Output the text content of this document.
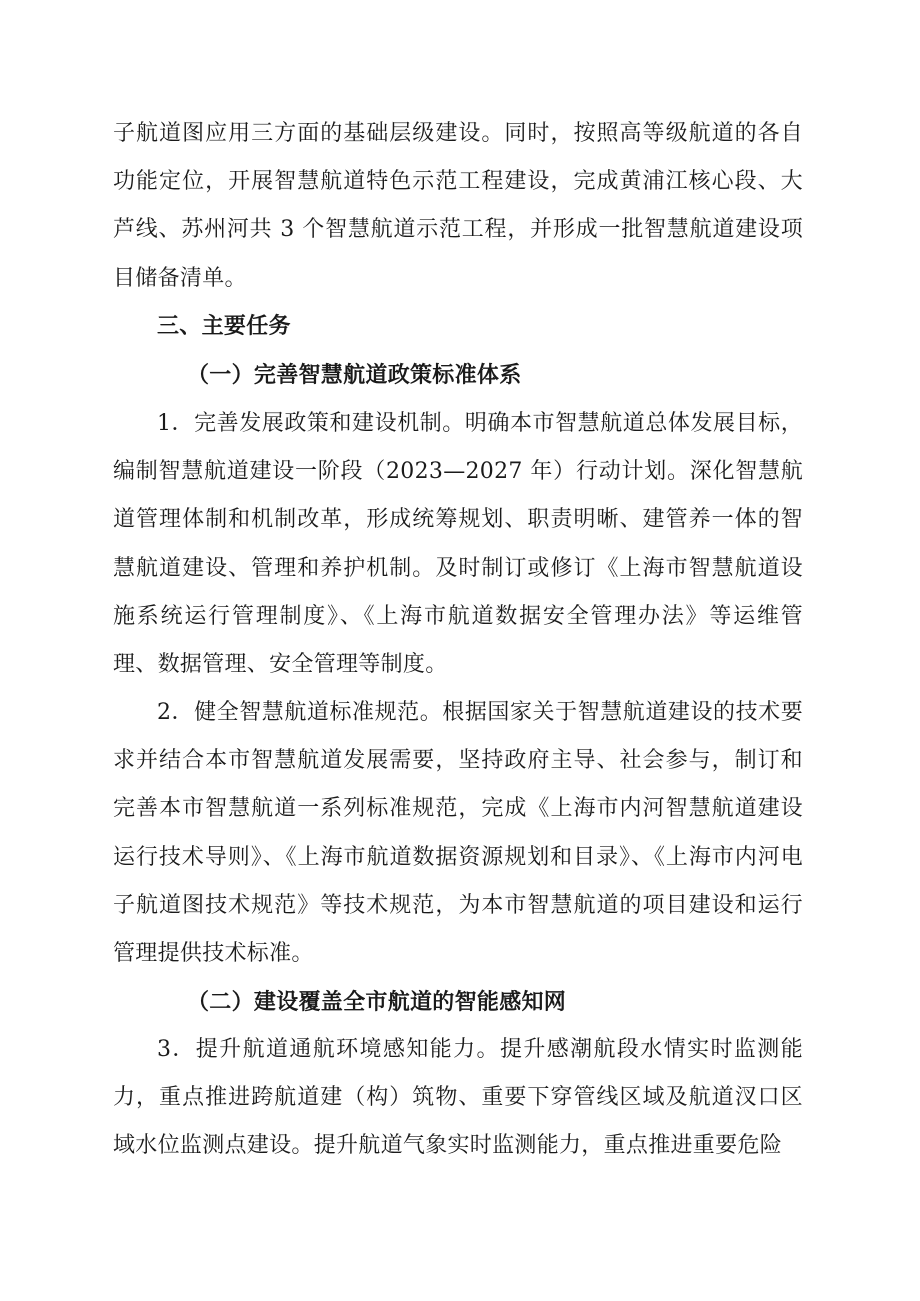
子航道图应用三方面的基础层级建设。同时，按照高等级航道的各自功能定位，开展智慧航道特色示范工程建设，完成黄浦江核心段、大芦线、苏州河共 3 个智慧航道示范工程，并形成一批智慧航道建设项目储备清单。

三、主要任务

（一）完善智慧航道政策标准体系

1．完善发展政策和建设机制。明确本市智慧航道总体发展目标，编制智慧航道建设一阶段（2023—2027 年）行动计划。深化智慧航道管理体制和机制改革，形成统筹规划、职责明晰、建管养一体的智慧航道建设、管理和养护机制。及时制订或修订《上海市智慧航道设施系统运行管理制度》、《上海市航道数据安全管理办法》等运维管理、数据管理、安全管理等制度。

2．健全智慧航道标准规范。根据国家关于智慧航道建设的技术要求并结合本市智慧航道发展需要，坚持政府主导、社会参与，制订和完善本市智慧航道一系列标准规范，完成《上海市内河智慧航道建设运行技术导则》、《上海市航道数据资源规划和目录》、《上海市内河电子航道图技术规范》等技术规范，为本市智慧航道的项目建设和运行管理提供技术标准。

（二）建设覆盖全市航道的智能感知网

3．提升航道通航环境感知能力。提升感潮航段水情实时监测能力，重点推进跨航道建（构）筑物、重要下穿管线区域及航道汊口区域水位监测点建设。提升航道气象实时监测能力，重点推进重要危险
